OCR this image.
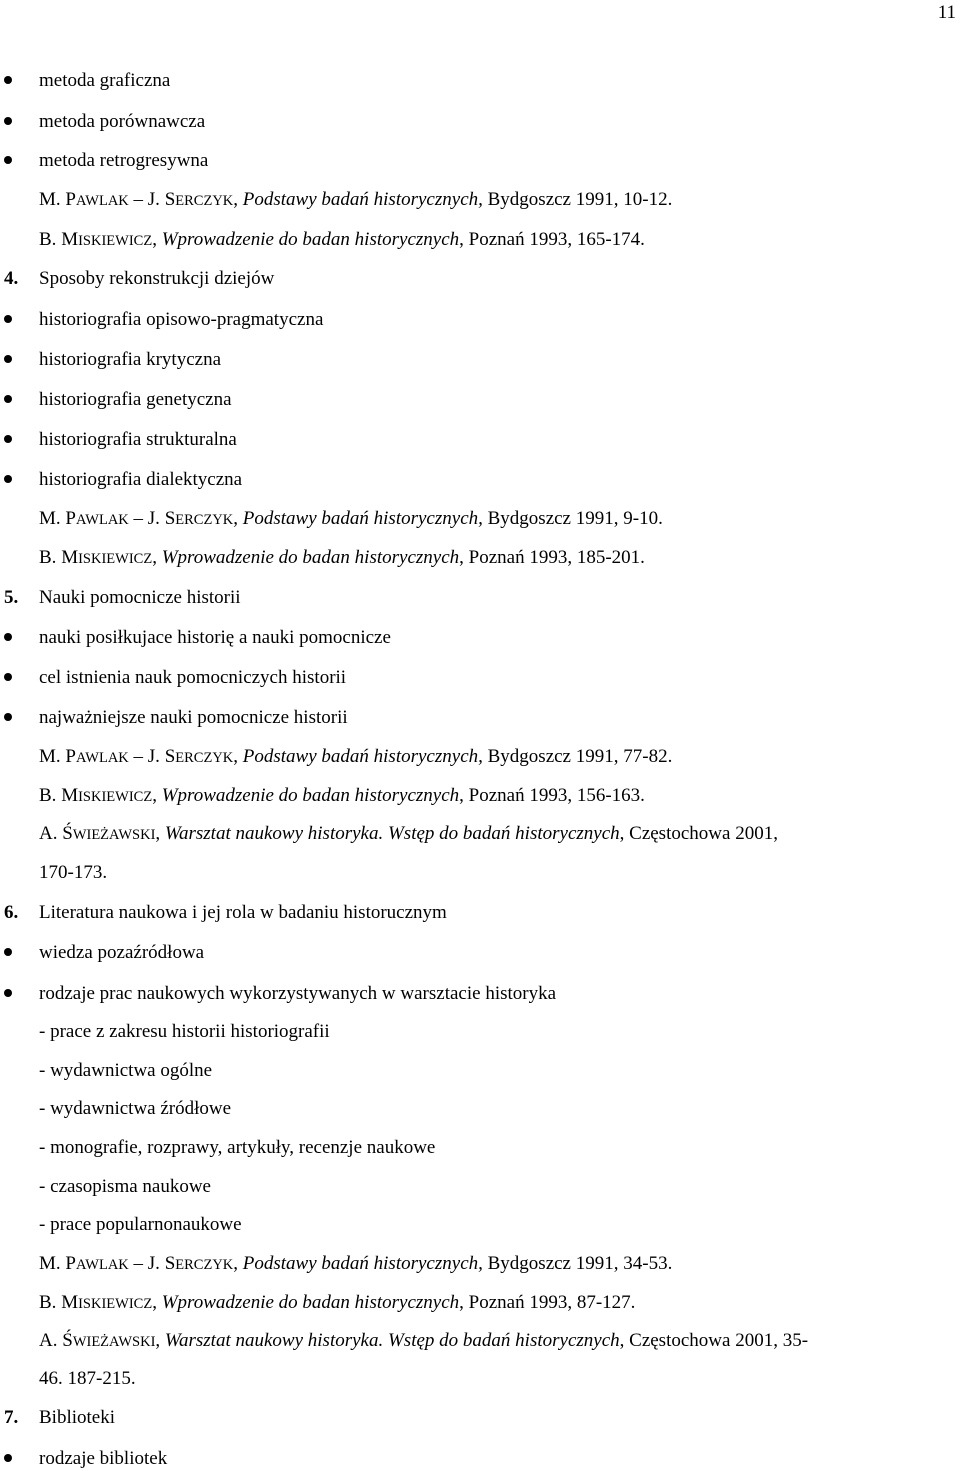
11
metoda graficzna
metoda porównawcza
metoda retrogresywna
M. PAWLAK – J. SERCZYK, Podstawy badań historycznych, Bydgoszcz 1991, 10-12.
B. MISKIEWICZ, Wprowadzenie do badan historycznych, Poznań 1993, 165-174.
4. Sposoby rekonstrukcji dziejów
historiografia opisowo-pragmatyczna
historiografia krytyczna
historiografia genetyczna
historiografia strukturalna
historiografia dialektyczna
M. PAWLAK – J. SERCZYK, Podstawy badań historycznych, Bydgoszcz 1991, 9-10.
B. MISKIEWICZ, Wprowadzenie do badan historycznych, Poznań 1993, 185-201.
5. Nauki pomocnicze historii
nauki posiłkujace historię a nauki pomocnicze
cel istnienia nauk pomocniczych historii
najważniejsze nauki pomocnicze historii
M. PAWLAK – J. SERCZYK, Podstawy badań historycznych, Bydgoszcz 1991, 77-82.
B. MISKIEWICZ, Wprowadzenie do badan historycznych, Poznań 1993, 156-163.
A. ŚWIEŻAWSKI, Warsztat naukowy historyka. Wstęp do badań historycznych, Częstochowa 2001,
170-173.
6. Literatura naukowa i jej rola w badaniu historucznym
wiedza pozaźródłowa
rodzaje prac naukowych wykorzystywanych w warsztacie historyka
- prace z zakresu historii historiografii
- wydawnictwa ogólne
- wydawnictwa źródłowe
- monografie, rozprawy, artykuły, recenzje naukowe
- czasopisma naukowe
- prace popularnonaukowe
M. PAWLAK – J. SERCZYK, Podstawy badań historycznych, Bydgoszcz 1991, 34-53.
B. MISKIEWICZ, Wprowadzenie do badan historycznych, Poznań 1993, 87-127.
A. ŚWIEŻAWSKI, Warsztat naukowy historyka. Wstęp do badań historycznych, Częstochowa 2001, 35-
46. 187-215.
7. Biblioteki
rodzaje bibliotek
